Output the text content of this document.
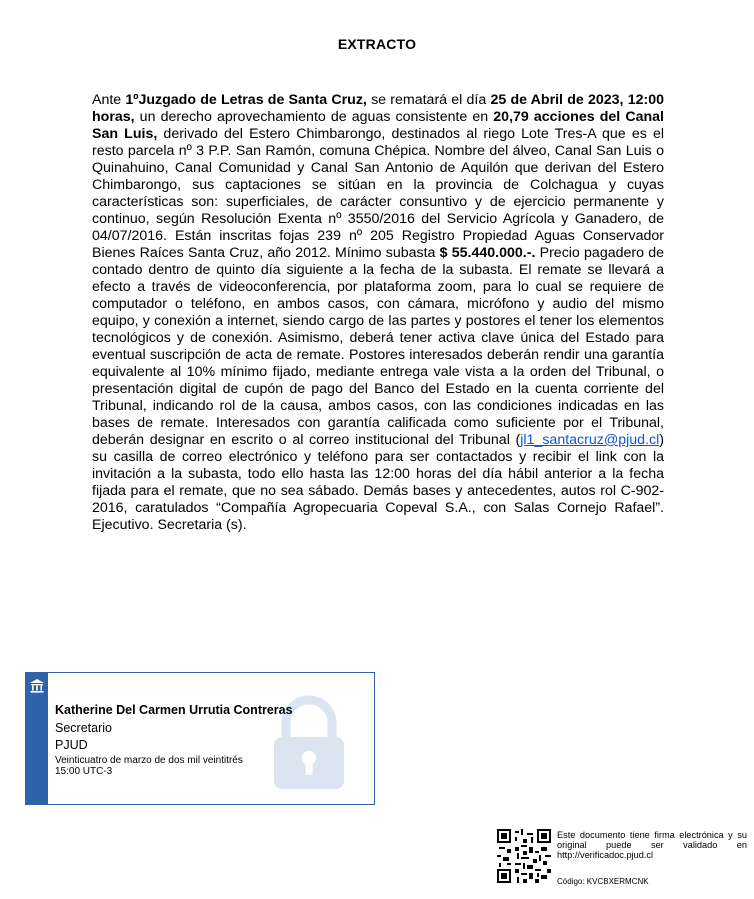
EXTRACTO
Ante 1ºJuzgado de Letras de Santa Cruz, se rematará el día 25 de Abril de 2023, 12:00 horas, un derecho aprovechamiento de aguas consistente en 20,79 acciones del Canal San Luis, derivado del Estero Chimbarongo, destinados al riego Lote Tres-A que es el resto parcela nº 3 P.P. San Ramón, comuna Chépica. Nombre del álveo, Canal San Luis o Quinahuino, Canal Comunidad y Canal San Antonio de Aquilón que derivan del Estero Chimbarongo, sus captaciones se sitúan en la provincia de Colchagua y cuyas características son: superficiales, de carácter consuntivo y de ejercicio permanente y continuo, según Resolución Exenta nº 3550/2016 del Servicio Agrícola y Ganadero, de 04/07/2016. Están inscritas fojas 239 nº 205 Registro Propiedad Aguas Conservador Bienes Raíces Santa Cruz, año 2012. Mínimo subasta $ 55.440.000.-. Precio pagadero de contado dentro de quinto día siguiente a la fecha de la subasta. El remate se llevará a efecto a través de videoconferencia, por plataforma zoom, para lo cual se requiere de computador o teléfono, en ambos casos, con cámara, micrófono y audio del mismo equipo, y conexión a internet, siendo cargo de las partes y postores el tener los elementos tecnológicos y de conexión. Asimismo, deberá tener activa clave única del Estado para eventual suscripción de acta de remate. Postores interesados deberán rendir una garantía equivalente al 10% mínimo fijado, mediante entrega vale vista a la orden del Tribunal, o presentación digital de cupón de pago del Banco del Estado en la cuenta corriente del Tribunal, indicando rol de la causa, ambos casos, con las condiciones indicadas en las bases de remate. Interesados con garantía calificada como suficiente por el Tribunal, deberán designar en escrito o al correo institucional del Tribunal (jl1_santacruz@pjud.cl) su casilla de correo electrónico y teléfono para ser contactados y recibir el link con la invitación a la subasta, todo ello hasta las 12:00 horas del día hábil anterior a la fecha fijada para el remate, que no sea sábado. Demás bases y antecedentes, autos rol C-902-2016, caratulados “Compañía Agropecuaria Copeval S.A., con Salas Cornejo Rafael”. Ejecutivo. Secretaria (s).
Katherine Del Carmen Urrutia Contreras
Secretario
PJUD
Veinticuatro de marzo de dos mil veintitrés
15:00 UTC-3
Este documento tiene firma electrónica y su original puede ser validado en http://verificadoc.pjud.cl
Código: KVCBXERMCNK
